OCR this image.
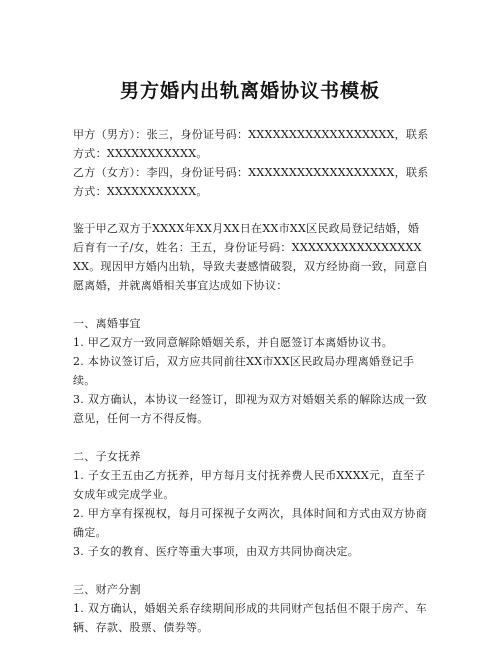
男方婚内出轨离婚协议书模板

甲方（男方）：张三，身份证号码：XXXXXXXXXXXXXXXXXX，联系方式：XXXXXXXXXXX。

乙方（女方）：李四，身份证号码：XXXXXXXXXXXXXXXXXX，联系方式：XXXXXXXXXXX。

鉴于甲乙双方于XXXX年XX月XX日在XX市XX区民政局登记结婚，婚后育有一子/女，姓名：王五，身份证号码：XXXXXXXXXXXXXXXXXX。现因甲方婚内出轨，导致夫妻感情破裂，双方经协商一致，同意自愿离婚，并就离婚相关事宜达成如下协议：

一、离婚事宜

1. 甲乙双方一致同意解除婚姻关系，并自愿签订本离婚协议书。

2. 本协议签订后，双方应共同前往XX市XX区民政局办理离婚登记手续。

3. 双方确认，本协议一经签订，即视为双方对婚姻关系的解除达成一致意见，任何一方不得反悔。

二、子女抚养

1. 子女王五由乙方抚养，甲方每月支付抚养费人民币XXXX元，直至子女成年或完成学业。

2. 甲方享有探视权，每月可探视子女两次，具体时间和方式由双方协商确定。

3. 子女的教育、医疗等重大事项，由双方共同协商决定。

三、财产分割

1. 双方确认，婚姻关系存续期间形成的共同财产包括但不限于房产、车辆、存款、股票、债券等。
